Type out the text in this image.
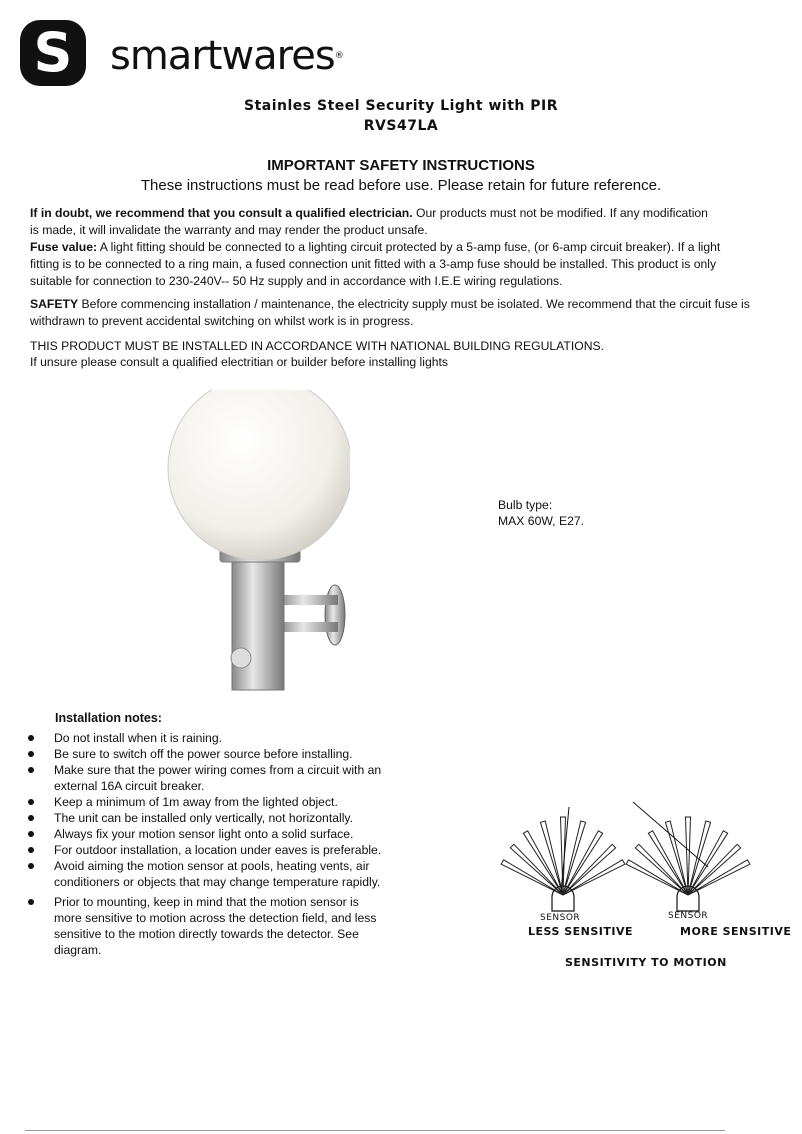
S smartwares®
Stainles Steel Security Light with PIR
RVS47LA
IMPORTANT SAFETY INSTRUCTIONS
These instructions must be read before use. Please retain for future reference.
If in doubt, we recommend that you consult a qualified electrician. Our products must not be modified. If any modification is made, it will invalidate the warranty and may render the product unsafe.
Fuse value: A light fitting should be connected to a lighting circuit protected by a 5-amp fuse, (or 6-amp circuit breaker). If a light fitting is to be connected to a ring main, a fused connection unit fitted with a 3-amp fuse should be installed. This product is only suitable for connection to 230-240V-- 50 Hz supply and in accordance with I.E.E wiring regulations.
SAFETY Before commencing installation / maintenance, the electricity supply must be isolated. We recommend that the circuit fuse is withdrawn to prevent accidental switching on whilst work is in progress.
THIS PRODUCT MUST BE INSTALLED IN ACCORDANCE WITH NATIONAL BUILDING REGULATIONS.
If unsure please consult a qualified electritian or builder before installing lights
Bulb type:
MAX 60W, E27.
Installation notes:
Do not install when it is raining.
Be sure to switch off the power source before installing.
Make sure that the power wiring comes from a circuit with an external 16A circuit breaker.
Keep a minimum of 1m away from the lighted object.
The unit can be installed only vertically, not horizontally.
Always fix your motion sensor light onto a solid surface.
For outdoor installation, a location under eaves is preferable.
Avoid aiming the motion sensor at pools, heating vents, air conditioners or objects that may change temperature rapidly.
Prior to mounting, keep in mind that the motion sensor is more sensitive to motion across the detection field, and less sensitive to the motion directly towards the detector. See diagram.
SENSOR	SENSOR
LESS SENSITIVE	MORE SENSITIVE
SENSITIVITY TO MOTION
